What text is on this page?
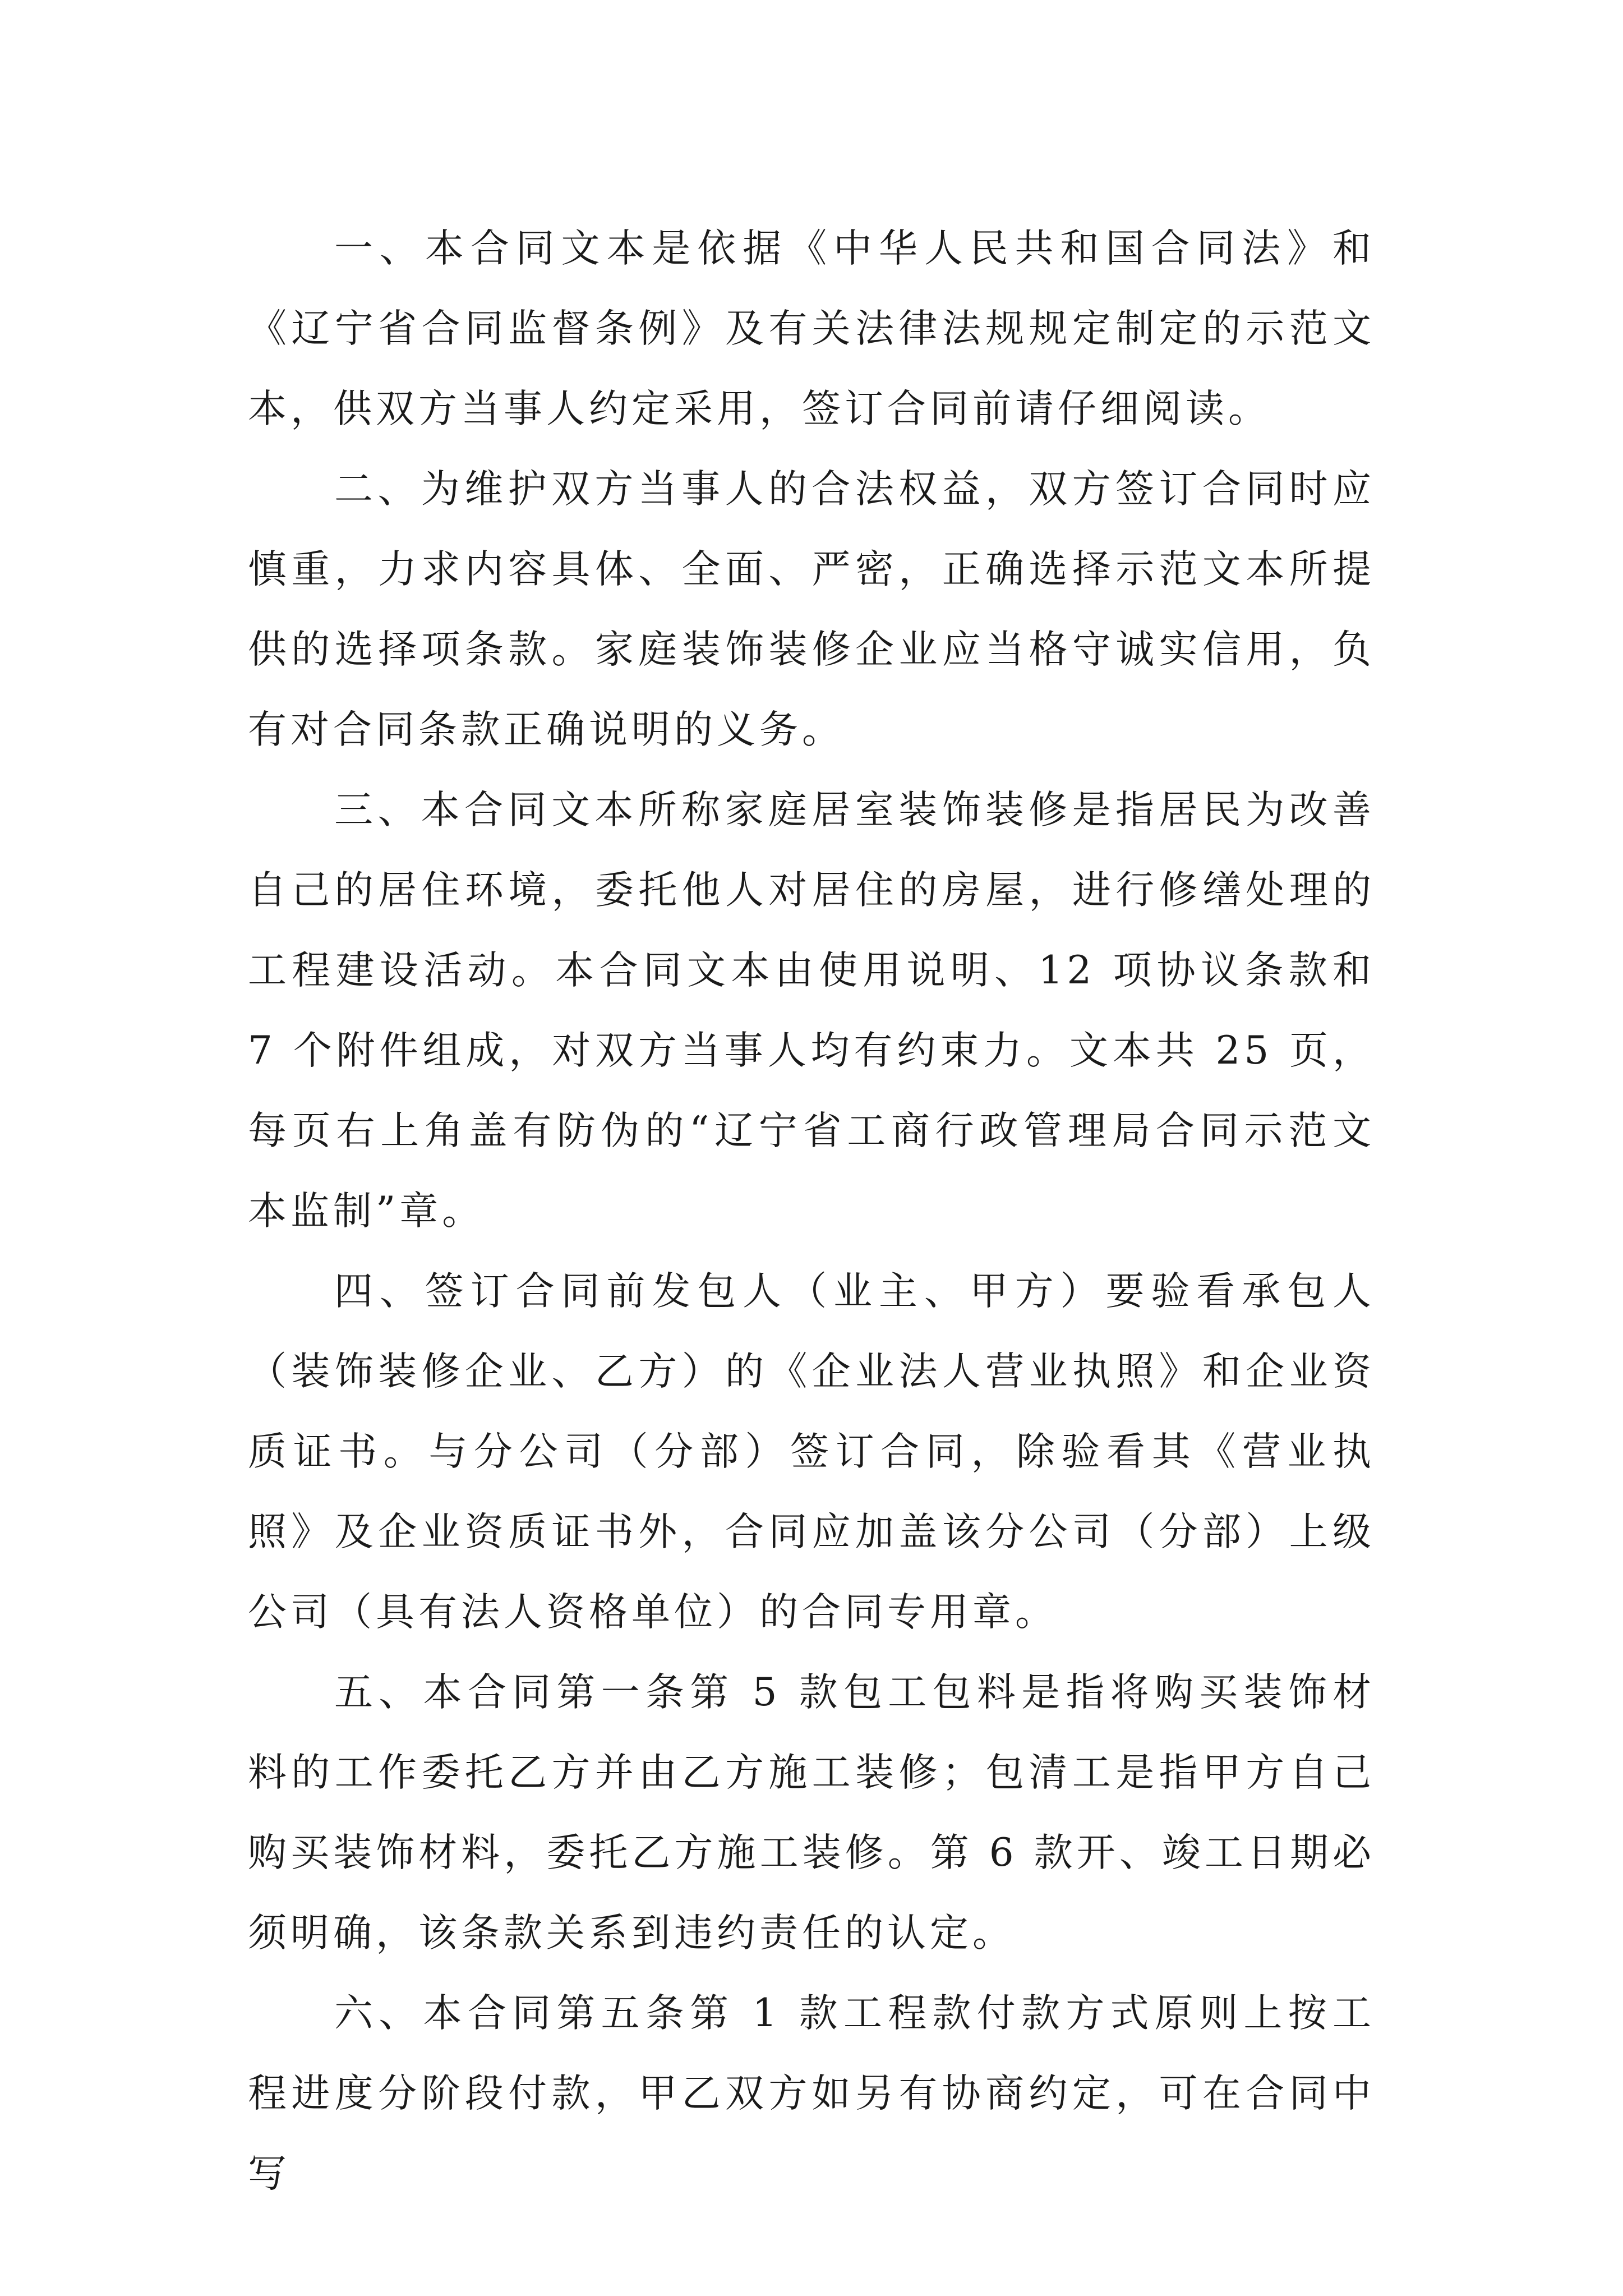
一、本合同文本是依据《中华人民共和国合同法》和《辽宁省合同监督条例》及有关法律法规规定制定的示范文本，供双方当事人约定采用，签订合同前请仔细阅读。

二、为维护双方当事人的合法权益，双方签订合同时应慎重，力求内容具体、全面、严密，正确选择示范文本所提供的选择项条款。家庭装饰装修企业应当格守诚实信用，负有对合同条款正确说明的义务。

三、本合同文本所称家庭居室装饰装修是指居民为改善自己的居住环境，委托他人对居住的房屋，进行修缮处理的工程建设活动。本合同文本由使用说明、12 项协议条款和 7 个附件组成，对双方当事人均有约束力。文本共 25 页，每页右上角盖有防伪的“辽宁省工商行政管理局合同示范文本监制”章。

四、签订合同前发包人（业主、甲方）要验看承包人（装饰装修企业、乙方）的《企业法人营业执照》和企业资质证书。与分公司（分部）签订合同，除验看其《营业执照》及企业资质证书外，合同应加盖该分公司（分部）上级公司（具有法人资格单位）的合同专用章。

五、本合同第一条第 5 款包工包料是指将购买装饰材料的工作委托乙方并由乙方施工装修；包清工是指甲方自己购买装饰材料，委托乙方施工装修。第 6 款开、竣工日期必须明确，该条款关系到违约责任的认定。

六、本合同第五条第 1 款工程款付款方式原则上按工程进度分阶段付款，甲乙双方如另有协商约定，可在合同中写
